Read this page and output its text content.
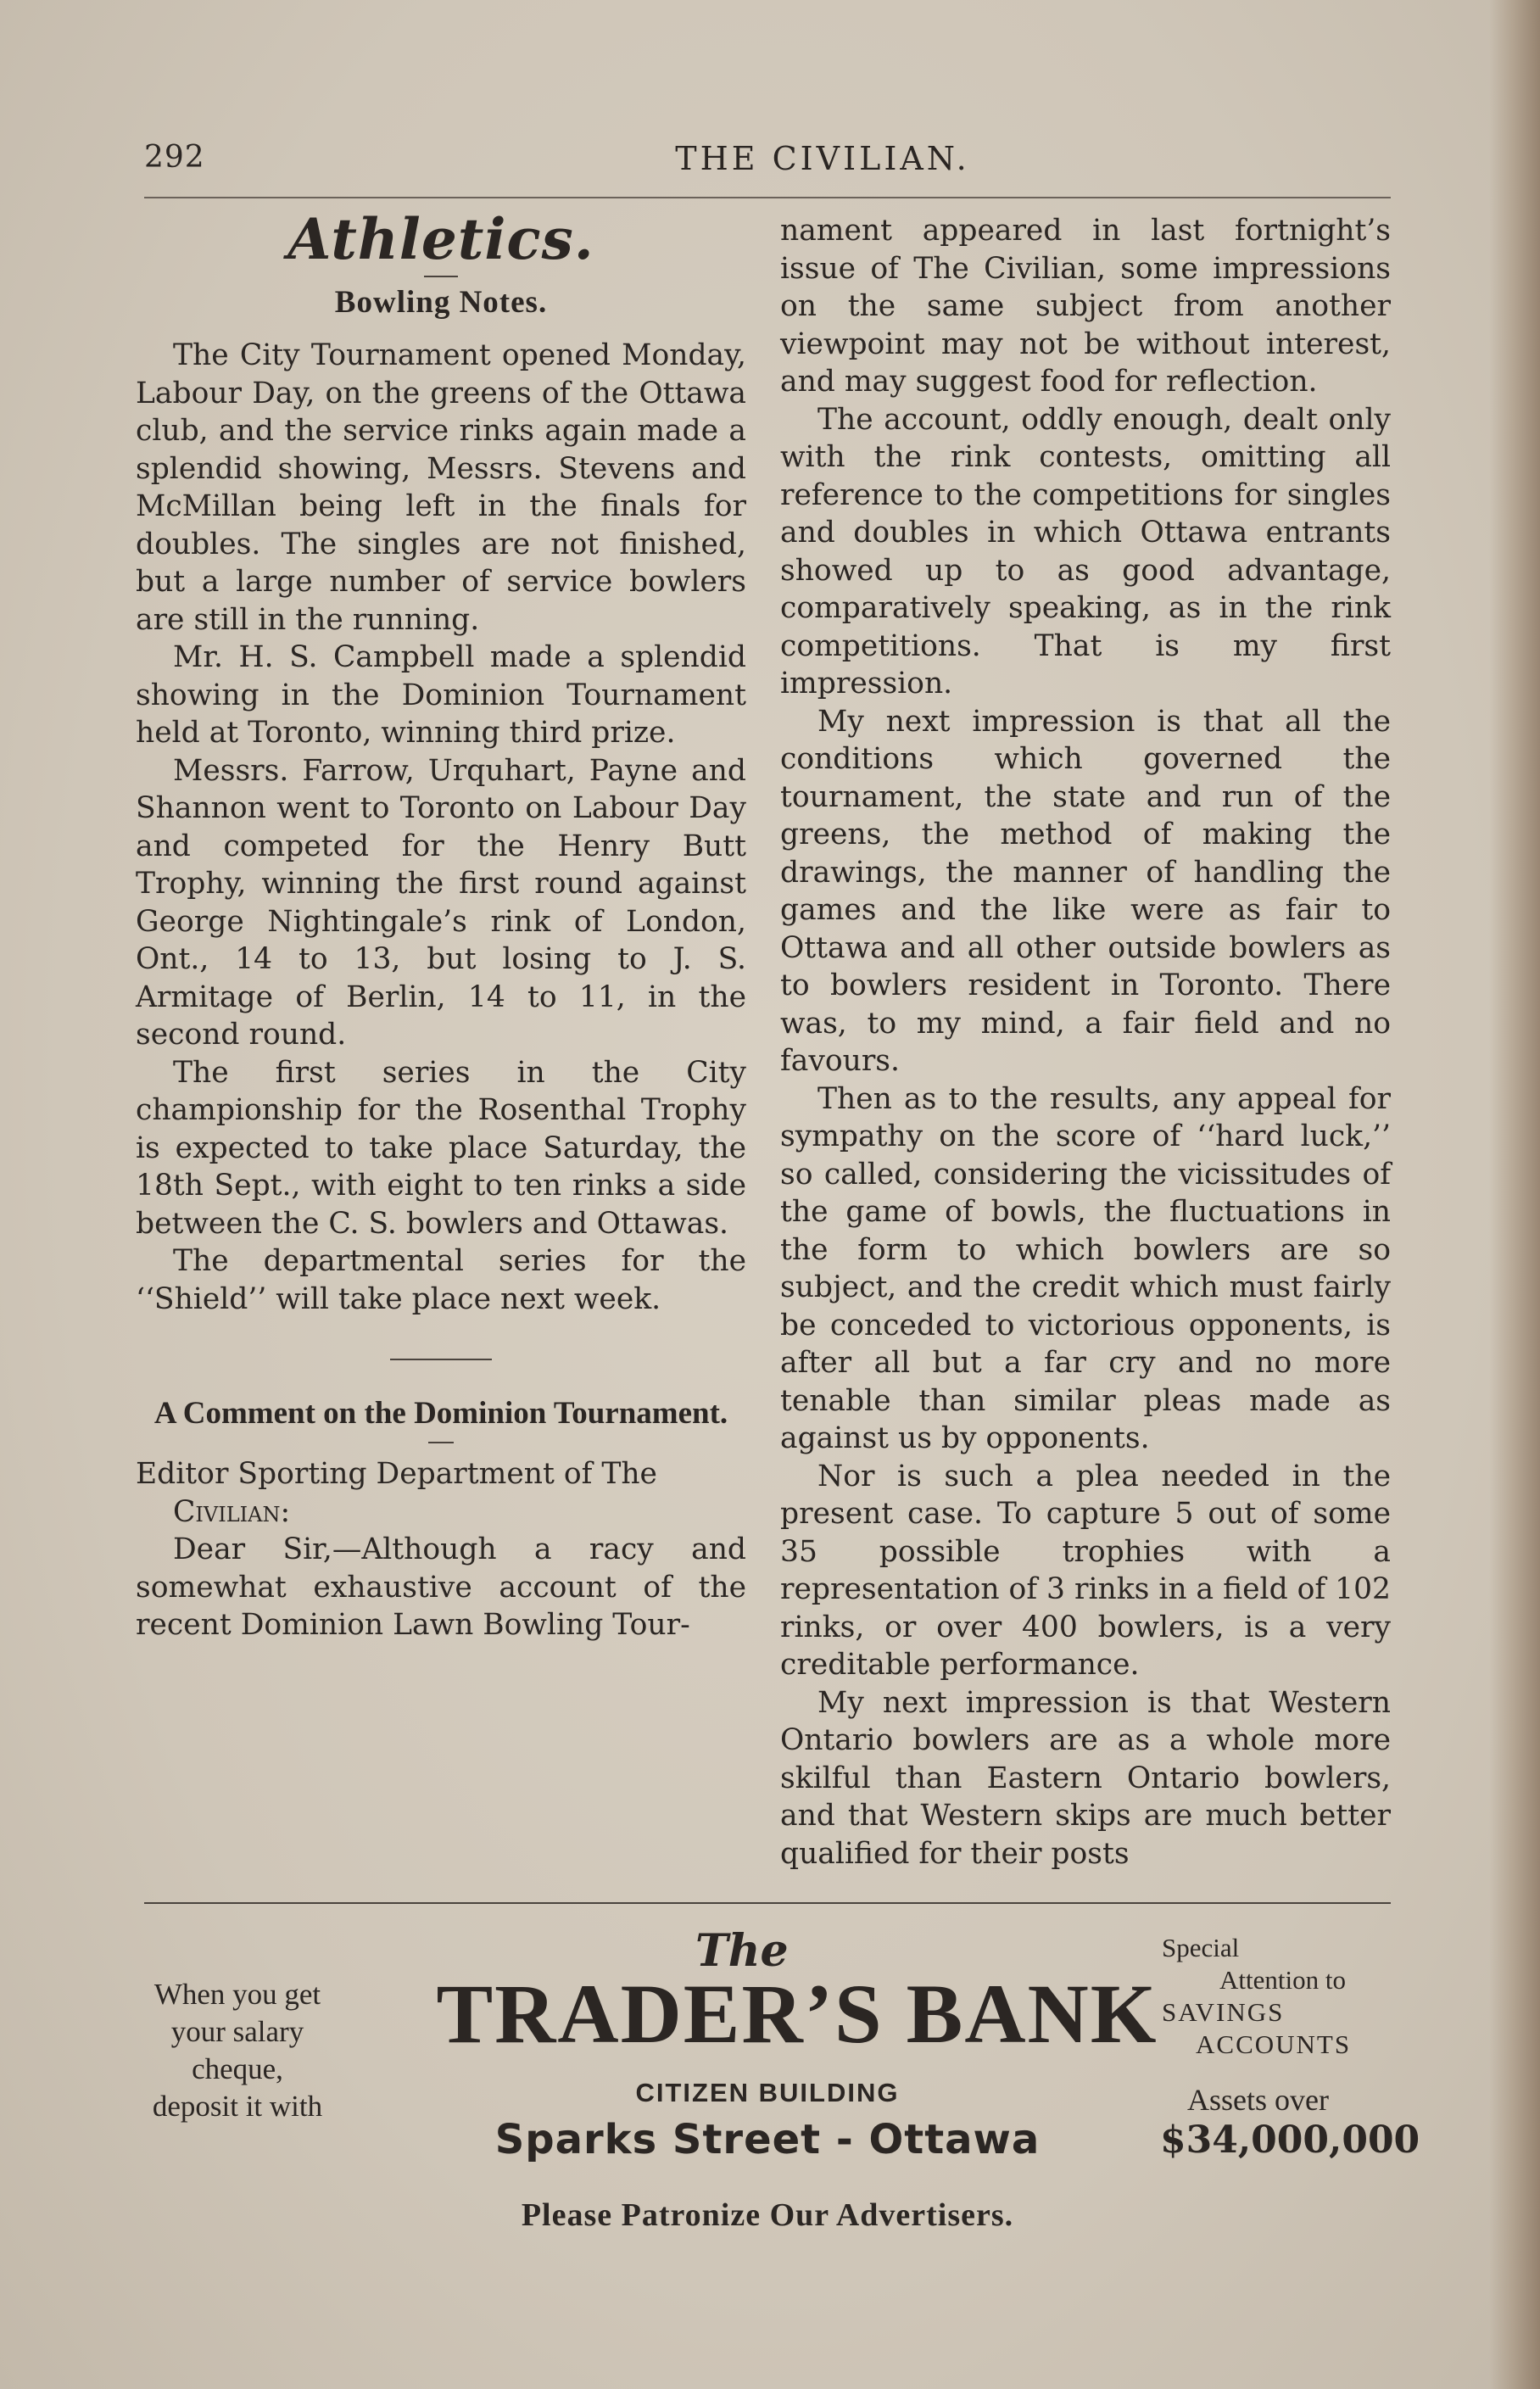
292	THE CIVILIAN.
Athletics.
Bowling Notes.

The City Tournament opened Monday, Labour Day, on the greens of the Ottawa club, and the service rinks again made a splendid showing, Messrs. Stevens and McMillan being left in the finals for doubles. The singles are not finished, but a large number of service bowlers are still in the running.

Mr. H. S. Campbell made a splendid showing in the Dominion Tournament held at Toronto, winning third prize.

Messrs. Farrow, Urquhart, Payne and Shannon went to Toronto on Labour Day and competed for the Henry Butt Trophy, winning the first round against George Nightingale’s rink of London, Ont., 14 to 13, but losing to J. S. Armitage of Berlin, 14 to 11, in the second round.

The first series in the City championship for the Rosenthal Trophy is expected to take place Saturday, the 18th Sept., with eight to ten rinks a side between the C. S. bowlers and Ottawas.

The departmental series for the ‘‘Shield’’ will take place next week.

A Comment on the Dominion Tournament.

Editor Sporting Department of The

Civilian:

Dear Sir,—Although a racy and somewhat exhaustive account of the recent Dominion Lawn Bowling Tour-

nament appeared in last fortnight’s issue of The Civilian, some impressions on the same subject from another viewpoint may not be without interest, and may suggest food for reflection.

The account, oddly enough, dealt only with the rink contests, omitting all reference to the competitions for singles and doubles in which Ottawa entrants showed up to as good advantage, comparatively speaking, as in the rink competitions. That is my first impression.

My next impression is that all the conditions which governed the tournament, the state and run of the greens, the method of making the drawings, the manner of handling the games and the like were as fair to Ottawa and all other outside bowlers as to bowlers resident in Toronto. There was, to my mind, a fair field and no favours.

Then as to the results, any appeal for sympathy on the score of ‘‘hard luck,’’ so called, considering the vicissitudes of the game of bowls, the fluctuations in the form to which bowlers are so subject, and the credit which must fairly be conceded to victorious opponents, is after all but a far cry and no more tenable than similar pleas made as against us by opponents.

Nor is such a plea needed in the present case. To capture 5 out of some 35 possible trophies with a representation of 3 rinks in a field of 102 rinks, or over 400 bowlers, is a very creditable performance.

My next impression is that Western Ontario bowlers are as a whole more skilful than Eastern Ontario bowlers, and that Western skips are much better qualified for their posts

When you get
your salary
cheque,
deposit it with
The
TRADER’S BANK
CITIZEN BUILDING
Sparks Street - Ottawa
Special
Attention to
SAVINGS
ACCOUNTS
Assets over
$34,000,000
Please Patronize Our Advertisers.
